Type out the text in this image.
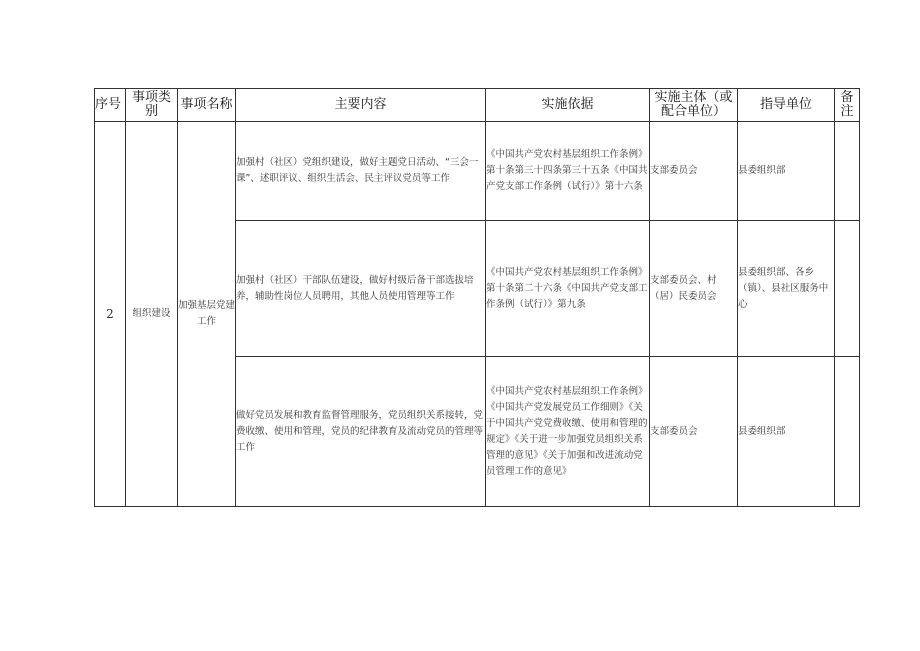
序号	事项类别	事项名称	主要内容	实施依据	实施主体（或配合单位）	指导单位	备注
2	组织建设	加强基层党建工作	加强村（社区）党组织建设，做好主题党日活动、“三会一课”、述职评议、组织生活会、民主评议党员等工作	《中国共产党农村基层组织工作条例》第十条第三十四条第三十五条《中国共产党支部工作条例（试行）》第十六条	支部委员会	县委组织部	
			加强村（社区）干部队伍建设，做好村级后备干部选拔培养，辅助性岗位人员聘用，其他人员使用管理等工作	《中国共产党农村基层组织工作条例》第十条第二十六条《中国共产党支部工作条例（试行）》第九条	支部委员会、村（居）民委员会	县委组织部、各乡（镇）、县社区服务中心	
			做好党员发展和教育监督管理服务，党员组织关系接转，党费收缴、使用和管理，党员的纪律教育及流动党员的管理等工作	《中国共产党农村基层组织工作条例》《中国共产党发展党员工作细则》《关于中国共产党党费收缴、使用和管理的规定》《关于进一步加强党员组织关系管理的意见》《关于加强和改进流动党员管理工作的意见》	支部委员会	县委组织部	
